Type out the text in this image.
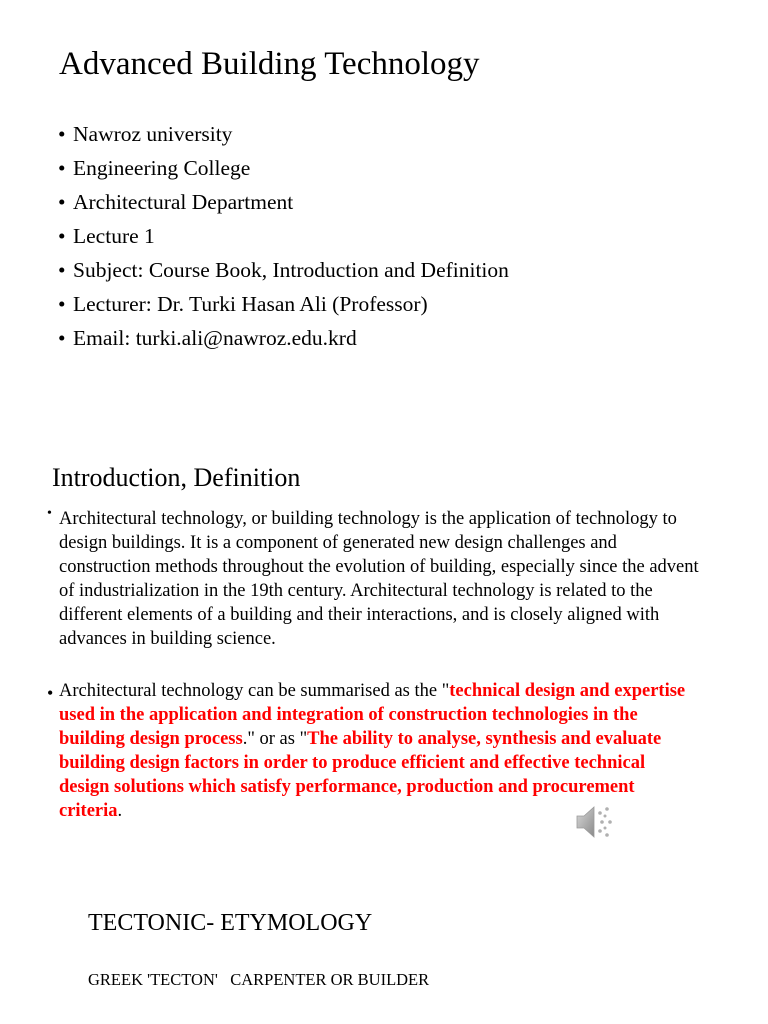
Advanced Building Technology
• Nawroz university
• Engineering College
• Architectural Department
• Lecture 1
• Subject: Course Book, Introduction and Definition
• Lecturer: Dr. Turki Hasan Ali (Professor)
• Email: turki.ali@nawroz.edu.krd
Introduction, Definition
• Architectural technology, or building technology is the application of technology to design buildings. It is a component of generated new design challenges and construction methods throughout the evolution of building, especially since the advent of industrialization in the 19th century. Architectural technology is related to the different elements of a building and their interactions, and is closely aligned with advances in building science.
• Architectural technology can be summarised as the "technical design and expertise used in the application and integration of construction technologies in the building design process." or as "The ability to analyse, synthesis and evaluate building design factors in order to produce efficient and effective technical design solutions which satisfy performance, production and procurement criteria.
TECTONIC- ETYMOLOGY
GREEK 'TECTON'   CARPENTER OR BUILDER
